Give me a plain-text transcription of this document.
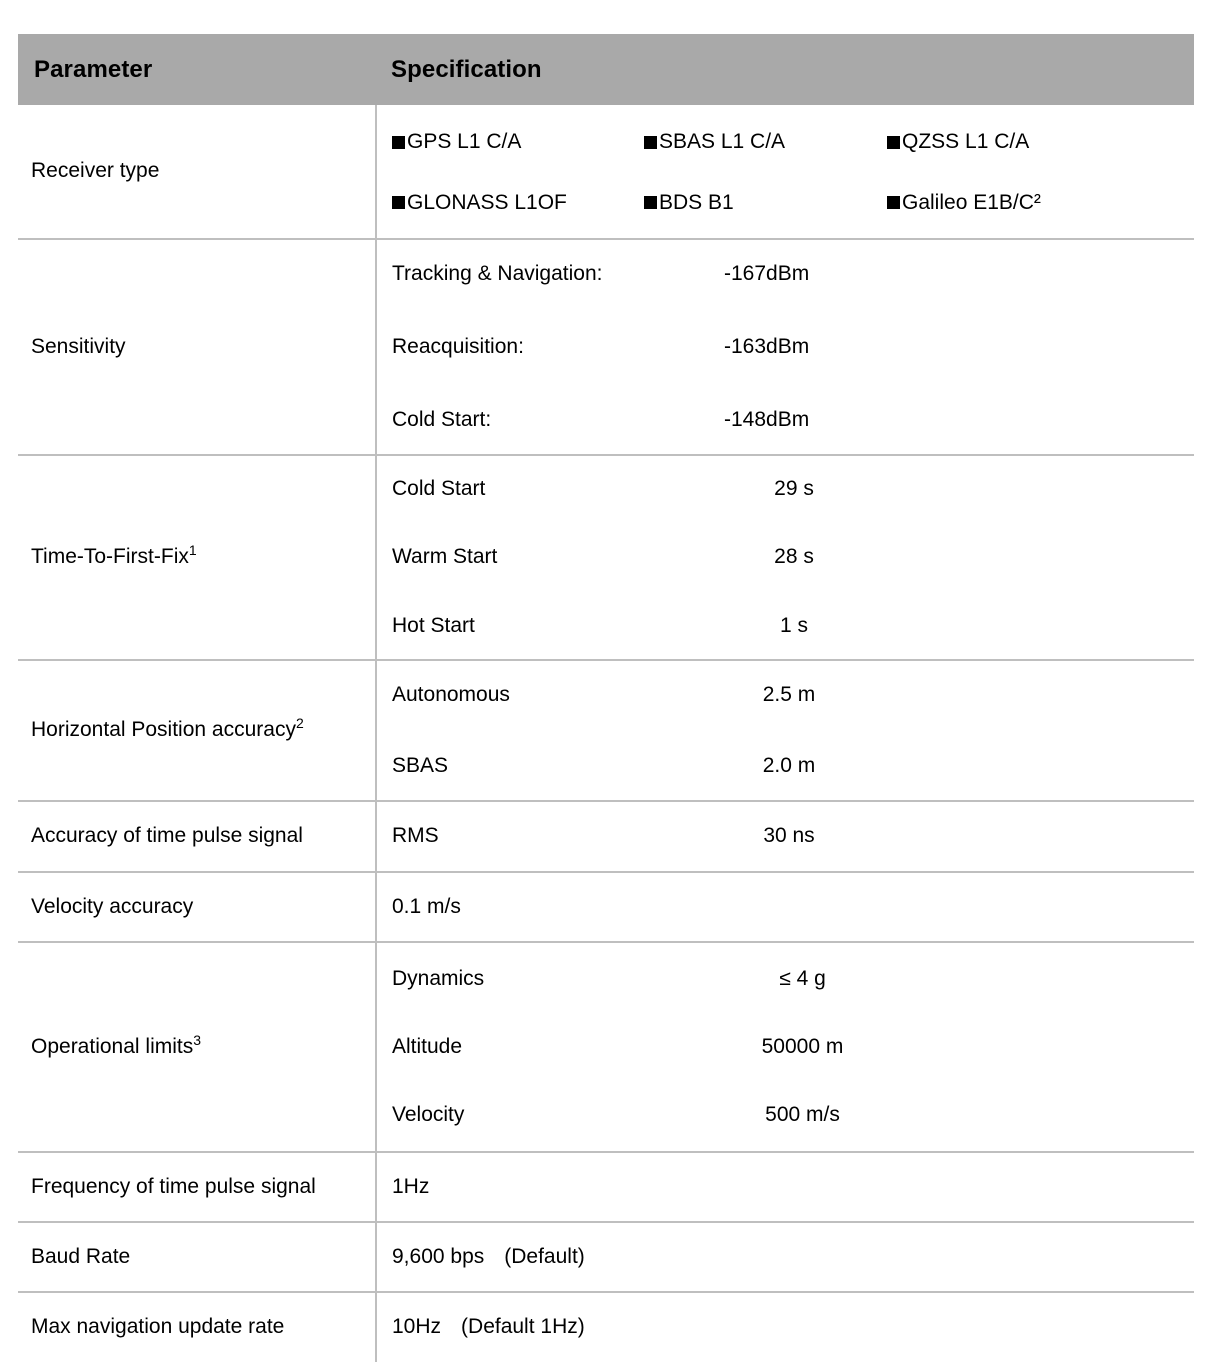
Parameter	Specification
Receiver type	
GPS L1 C/A	SBAS L1 C/A	QZSS L1 C/A
GLONASS L1OF	BDS B1	Galileo E1B/C²

Sensitivity	
Tracking & Navigation:	-167dBm
Reacquisition:	-163dBm
Cold Start:	-148dBm

Time-To-First-Fix$^1$	
Cold Start	29 s
Warm Start	28 s
Hot Start	1 s

Horizontal Position accuracy$^2$	Autonomous 2.5 m
SBAS 2.0 m

Accuracy of time pulse signal	RMS 30 ns

Velocity accuracy	0.1 m/s
Operational limits$^3$	
Dynamics	≤ 4 g
Altitude	50000 m
Velocity	500 m/s

Frequency of time pulse signal	1Hz
Baud Rate	9,600 bps (Default)
Max navigation update rate	10Hz (Default 1Hz)
